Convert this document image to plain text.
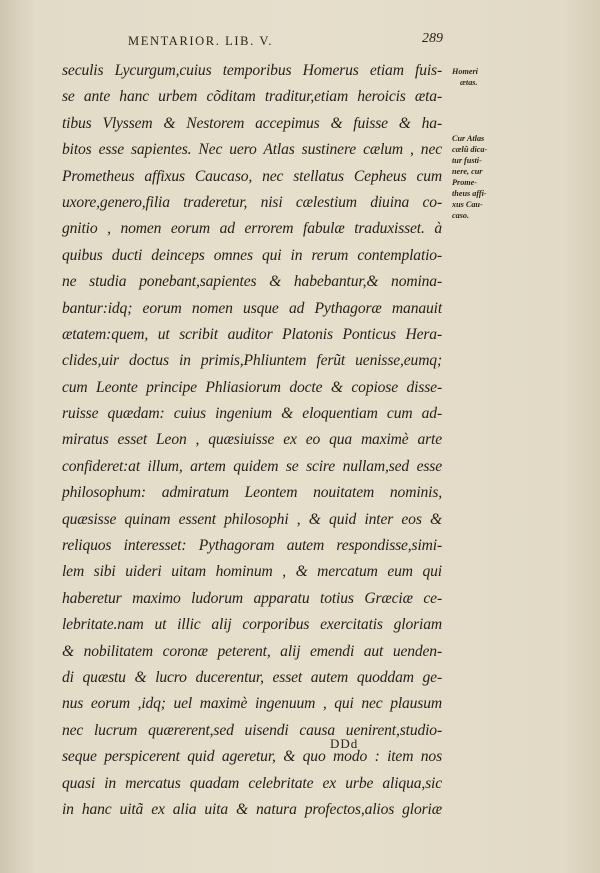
MENTARIOR. LIB. V.	289
seculis Lycurgum,cuius temporibus Homerus etiam fuis-
se ante hanc urbem cõditam traditur,etiam heroicis æta-
tibus Vlyssem & Nestorem accepimus & fuisse & ha-
bitos esse sapientes. Nec uero Atlas sustinere cælum , nec
Prometheus affixus Caucaso, nec stellatus Cepheus cum
uxore,genero,filia traderetur, nisi cælestium diuina co-
gnitio , nomen eorum ad errorem fabulæ traduxisset. à
quibus ducti deinceps omnes qui in rerum contemplatio-
ne studia ponebant,sapientes & habebantur,& nomina-
bantur:idq; eorum nomen usque ad Pythagoræ manauit
ætatem:quem, ut scribit auditor Platonis Ponticus Hera-
clides,uir doctus in primis,Phliuntem ferũt uenisse,eumq;
cum Leonte principe Phliasiorum docte & copiose disse-
ruisse quædam: cuius ingenium & eloquentiam cum ad-
miratus esset Leon , quæsiuisse ex eo qua maximè arte
confideret:at illum, artem quidem se scire nullam,sed esse
philosophum: admiratum Leontem nouitatem nominis,
quæsisse quinam essent philosophi , & quid inter eos &
reliquos interesset: Pythagoram autem respondisse,simi-
lem sibi uideri uitam hominum , & mercatum eum qui
haberetur maximo ludorum apparatu totius Græciæ ce-
lebritate.nam ut illic alij corporibus exercitatis gloriam
& nobilitatem coronæ peterent, alij emendi aut uenden-
di quæstu & lucro ducerentur, esset autem quoddam ge-
nus eorum ,idq; uel maximè ingenuum , qui nec plausum
nec lucrum quærerent,sed uisendi causa uenirent,studio-
seque perspicerent quid ageretur, & quo modo : item nos
quasi in mercatus quadam celebritate ex urbe aliqua,sic
in hanc uitã ex alia uita & natura profectos,alios gloriæ
Homeri
ætas.
Cur Atlas
cælũ dica-
tur fusti-
nere, cur
Prome-
theus affi-
xus Cau-
caso.
DDd
